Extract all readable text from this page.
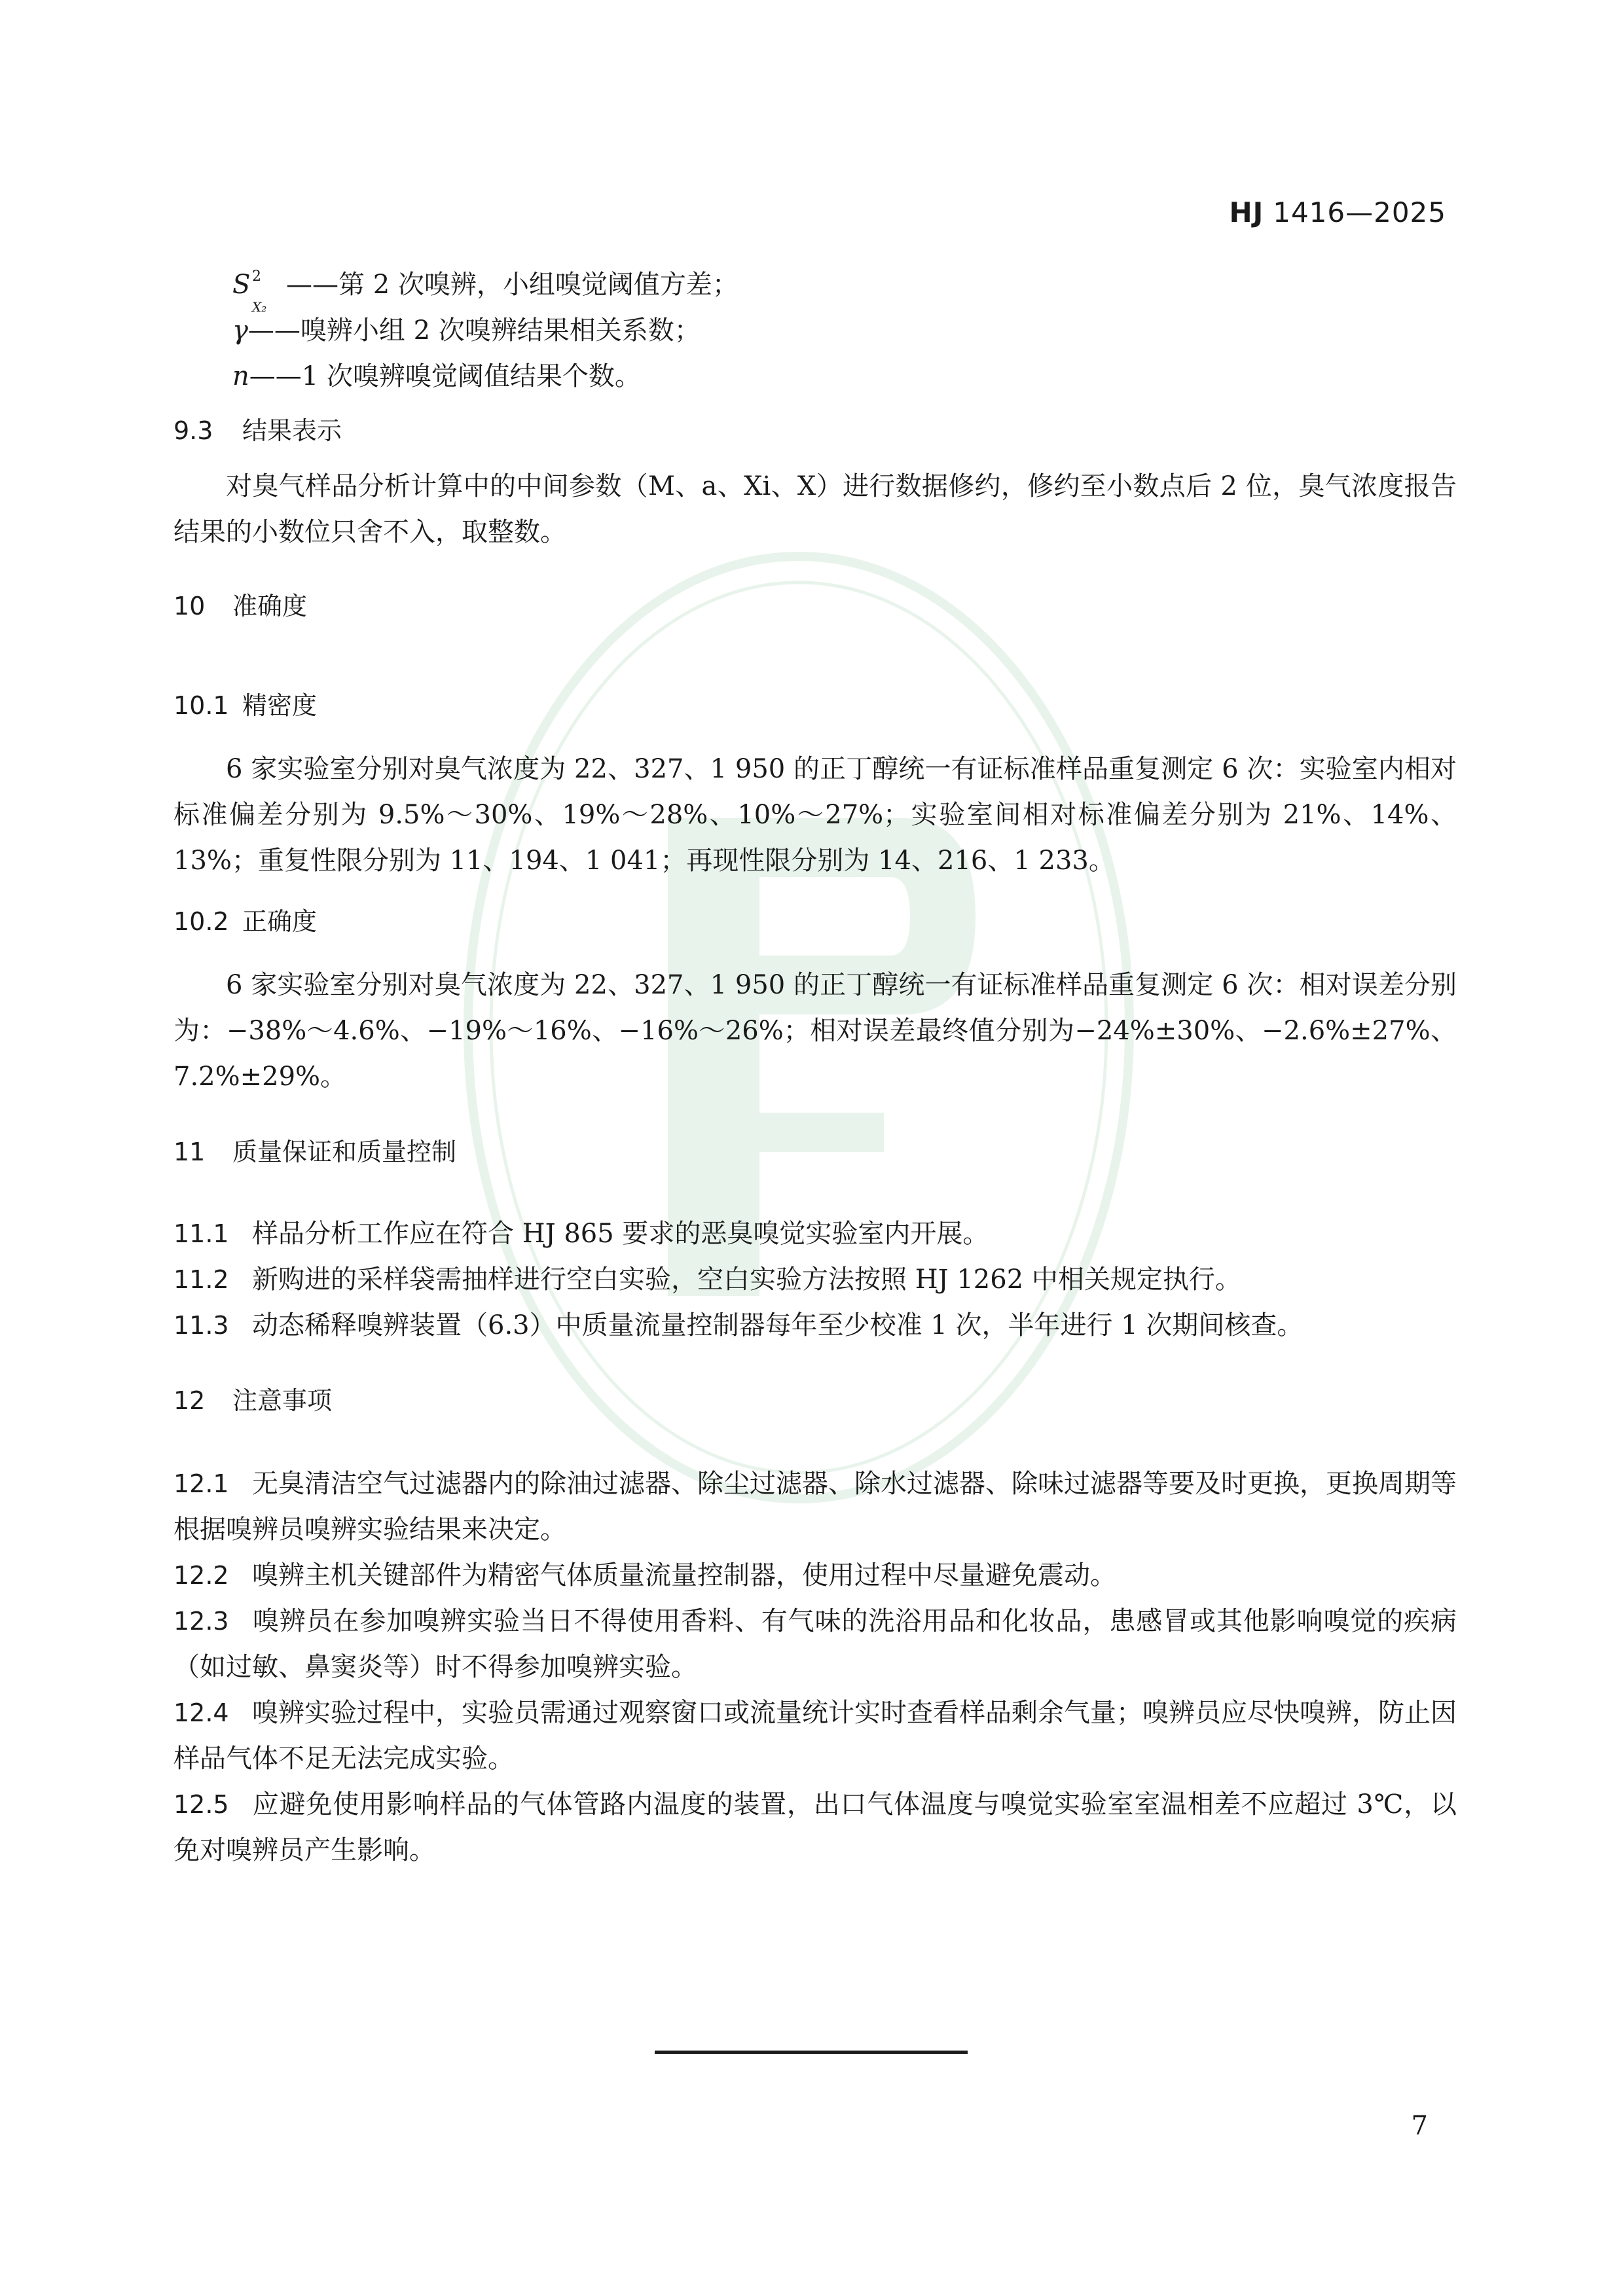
HJ 1416—2025
S 2
X₂
——第 2 次嗅辨，小组嗅觉阈值方差；
γ——嗅辨小组 2 次嗅辨结果相关系数；
n——1 次嗅辨嗅觉阈值结果个数。
9.3 结果表示
对臭气样品分析计算中的中间参数（M、a、Xi、X）进行数据修约，修约至小数点后 2 位，臭气浓度报告结果的小数位只舍不入，取整数。
10 准确度
10.1 精密度
6 家实验室分别对臭气浓度为 22、327、1 950 的正丁醇统一有证标准样品重复测定 6 次：实验室内相对标准偏差分别为 9.5%～30%、19%～28%、10%～27%；实验室间相对标准偏差分别为 21%、14%、13%；重复性限分别为 11、194、1 041；再现性限分别为 14、216、1 233。
10.2 正确度
6 家实验室分别对臭气浓度为 22、327、1 950 的正丁醇统一有证标准样品重复测定 6 次：相对误差分别为：−38%～4.6%、−19%～16%、−16%～26%；相对误差最终值分别为−24%±30%、−2.6%±27%、7.2%±29%。
11 质量保证和质量控制
11.1 样品分析工作应在符合 HJ 865 要求的恶臭嗅觉实验室内开展。
11.2 新购进的采样袋需抽样进行空白实验，空白实验方法按照 HJ 1262 中相关规定执行。
11.3 动态稀释嗅辨装置（6.3）中质量流量控制器每年至少校准 1 次，半年进行 1 次期间核查。
12 注意事项
12.1 无臭清洁空气过滤器内的除油过滤器、除尘过滤器、除水过滤器、除味过滤器等要及时更换，更换周期等根据嗅辨员嗅辨实验结果来决定。
12.2 嗅辨主机关键部件为精密气体质量流量控制器，使用过程中尽量避免震动。
12.3 嗅辨员在参加嗅辨实验当日不得使用香料、有气味的洗浴用品和化妆品，患感冒或其他影响嗅觉的疾病（如过敏、鼻窦炎等）时不得参加嗅辨实验。
12.4 嗅辨实验过程中，实验员需通过观察窗口或流量统计实时查看样品剩余气量；嗅辨员应尽快嗅辨，防止因样品气体不足无法完成实验。
12.5 应避免使用影响样品的气体管路内温度的装置，出口气体温度与嗅觉实验室室温相差不应超过 3℃，以免对嗅辨员产生影响。
7
